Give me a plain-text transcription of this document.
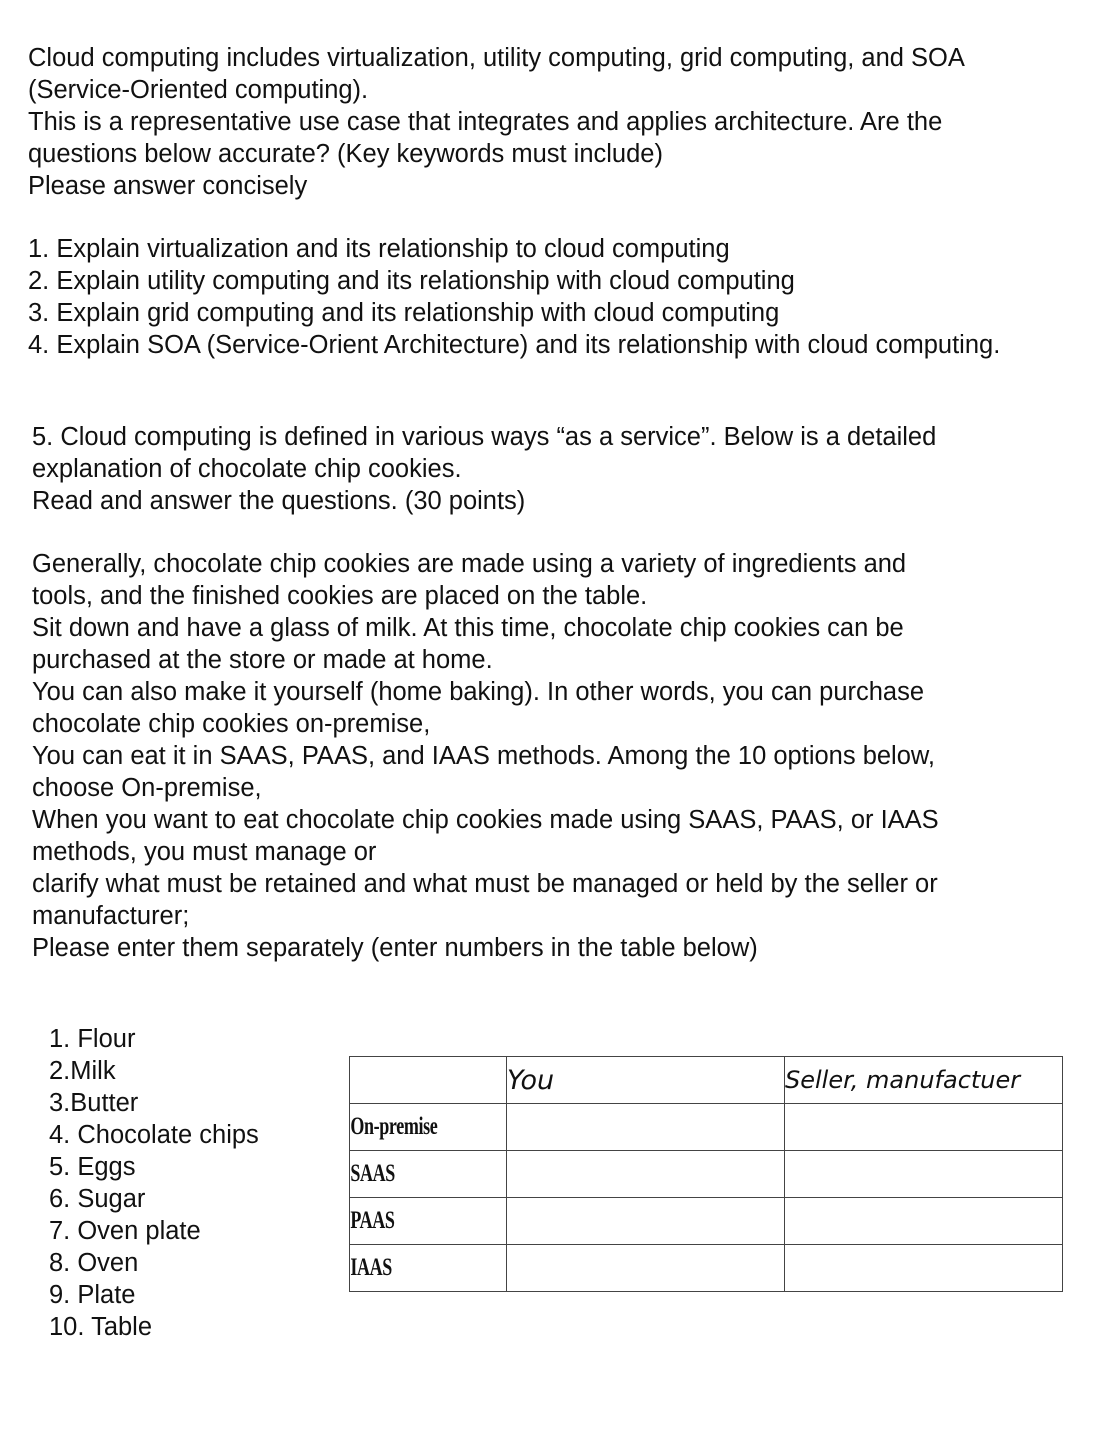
Cloud computing includes virtualization, utility computing, grid computing, and SOA

(Service-Oriented computing).

This is a representative use case that integrates and applies architecture. Are the

questions below accurate? (Key keywords must include)

Please answer concisely

1. Explain virtualization and its relationship to cloud computing

2. Explain utility computing and its relationship with cloud computing

3. Explain grid computing and its relationship with cloud computing

4. Explain SOA (Service-Orient Architecture) and its relationship with cloud computing.

5. Cloud computing is defined in various ways “as a service”. Below is a detailed

explanation of chocolate chip cookies.

Read and answer the questions. (30 points)

Generally, chocolate chip cookies are made using a variety of ingredients and

tools, and the finished cookies are placed on the table.

Sit down and have a glass of milk. At this time, chocolate chip cookies can be

purchased at the store or made at home.

You can also make it yourself (home baking). In other words, you can purchase

chocolate chip cookies on-premise,

You can eat it in SAAS, PAAS, and IAAS methods. Among the 10 options below,

choose On-premise,

When you want to eat chocolate chip cookies made using SAAS, PAAS, or IAAS

methods, you must manage or

clarify what must be retained and what must be managed or held by the seller or

manufacturer;

Please enter them separately (enter numbers in the table below)

1. Flour

2.Milk

3.Butter

4. Chocolate chips

5. Eggs

6. Sugar

7. Oven plate

8. Oven

9. Plate

10. Table

	You	Seller, manufactuer
On-premise		
SAAS		
PAAS		
IAAS		
